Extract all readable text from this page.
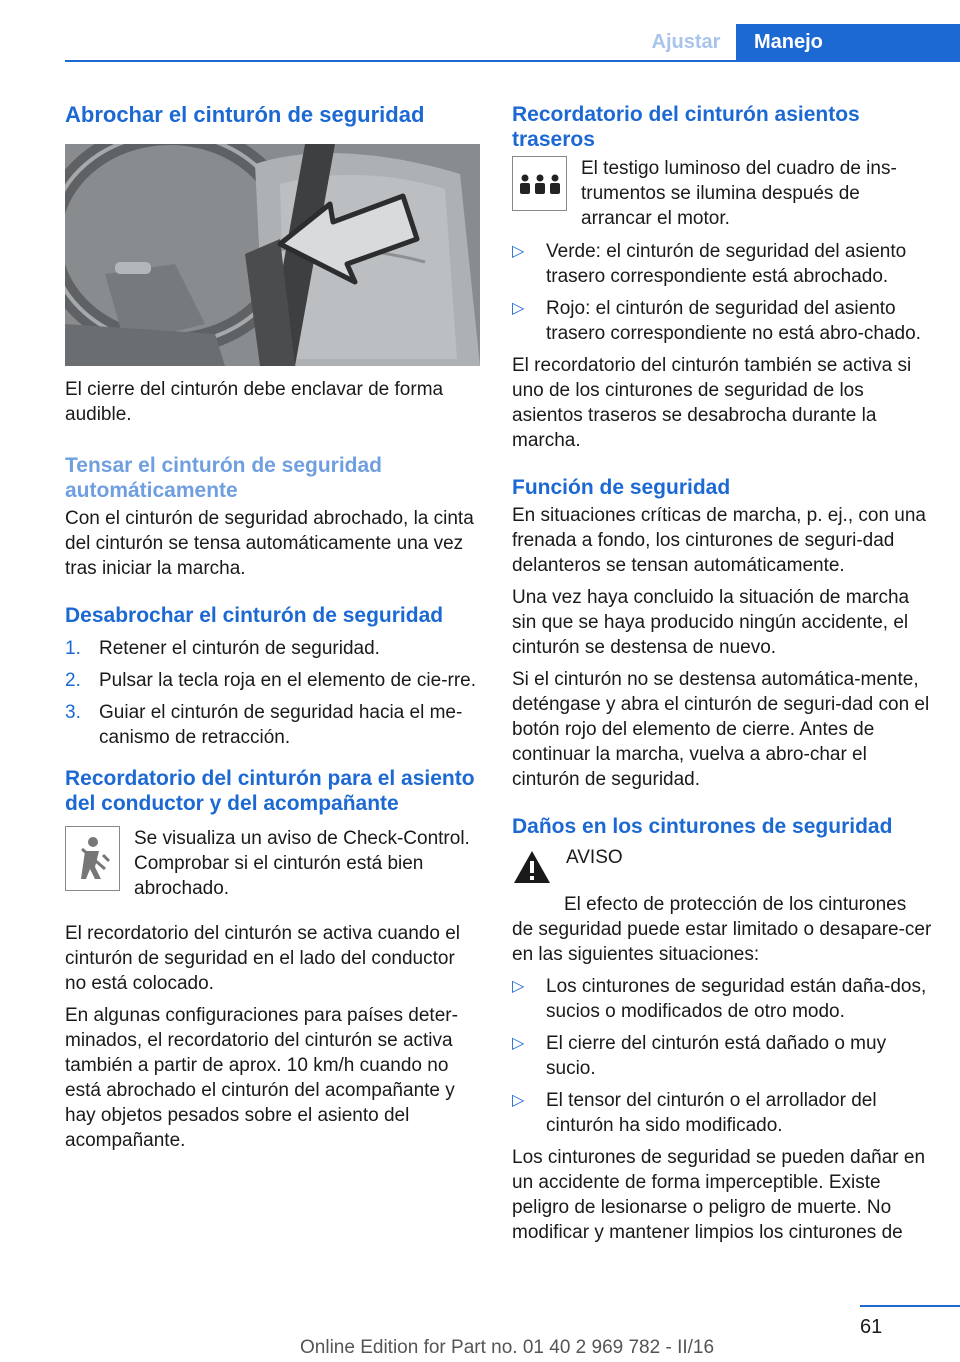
Ajustar	Manejo
Abrochar el cinturón de seguridad

El cierre del cinturón debe enclavar de forma audible.

Tensar el cinturón de seguridad automáticamente

Con el cinturón de seguridad abrochado, la cinta del cinturón se tensa automáticamente una vez tras iniciar la marcha.

Desabrochar el cinturón de seguridad
1. Retener el cinturón de seguridad.
2. Pulsar la tecla roja en el elemento de cie-rre.
3. Guiar el cinturón de seguridad hacia el me-canismo de retracción.
Recordatorio del cinturón para el asiento del conductor y del acompañante

Se visualiza un aviso de Check-Control. Comprobar si el cinturón está bien abrochado.

El recordatorio del cinturón se activa cuando el cinturón de seguridad en el lado del conductor no está colocado.

En algunas configuraciones para países deter-minados, el recordatorio del cinturón se activa también a partir de aprox. 10 km/h cuando no está abrochado el cinturón del acompañante y hay objetos pesados sobre el asiento del acompañante.

Recordatorio del cinturón asientos traseros

El testigo luminoso del cuadro de ins-trumentos se ilumina después de arrancar el motor.

▷	Verde: el cinturón de seguridad del asiento trasero correspondiente está abrochado.
▷	Rojo: el cinturón de seguridad del asiento trasero correspondiente no está abro-chado.

El recordatorio del cinturón también se activa si uno de los cinturones de seguridad de los asientos traseros se desabrocha durante la marcha.

Función de seguridad

En situaciones críticas de marcha, p. ej., con una frenada a fondo, los cinturones de seguri-dad delanteros se tensan automáticamente.

Una vez haya concluido la situación de marcha sin que se haya producido ningún accidente, el cinturón se destensa de nuevo.

Si el cinturón no se destensa automática-mente, deténgase y abra el cinturón de seguri-dad con el botón rojo del elemento de cierre. Antes de continuar la marcha, vuelva a abro-char el cinturón de seguridad.

Daños en los cinturones de seguridad

AVISO

El efecto de protección de los cinturones de seguridad puede estar limitado o desapare-cer en las siguientes situaciones:

▷	Los cinturones de seguridad están daña-dos, sucios o modificados de otro modo.
▷	El cierre del cinturón está dañado o muy sucio.
▷	El tensor del cinturón o el arrollador del cinturón ha sido modificado.

Los cinturones de seguridad se pueden dañar en un accidente de forma imperceptible. Existe peligro de lesionarse o peligro de muerte. No modificar y mantener limpios los cinturones de

61
Online Edition for Part no. 01 40 2 969 782 - II/16
